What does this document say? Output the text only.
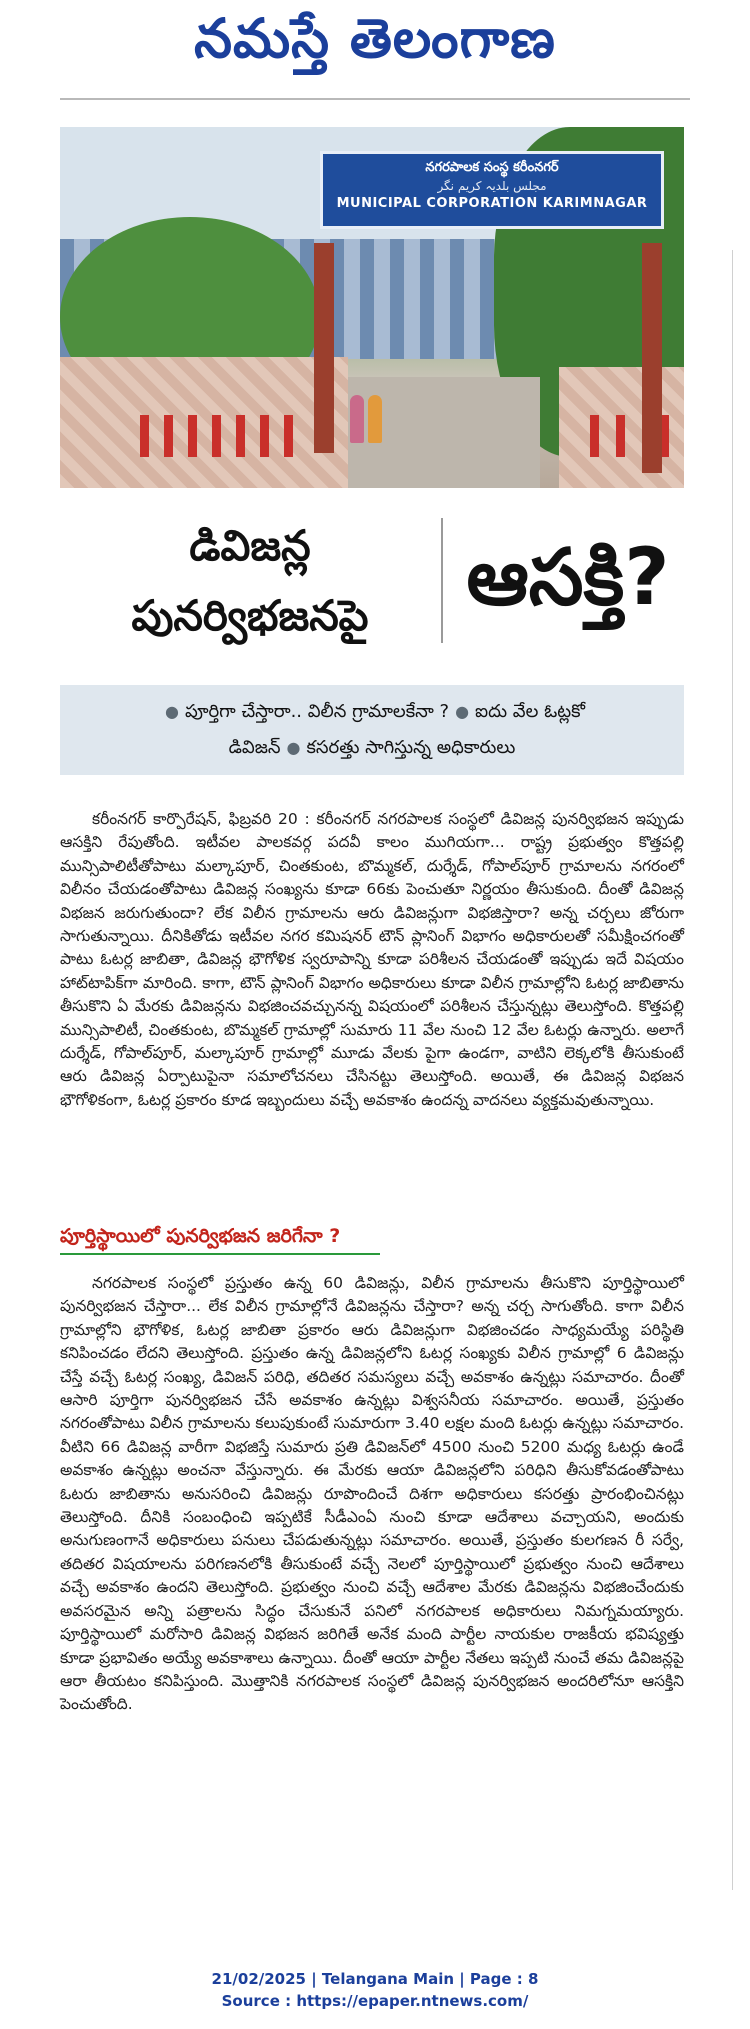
నమస్తే తెలంగాణ
నగరపాలక సంస్థ కరీంనగర్
مجلس بلدیہ کریم نگر
MUNICIPAL CORPORATION KARIMNAGAR
డివిజన్ల
పునర్విభజనపై	ఆసక్తి?
● పూర్తిగా చేస్తారా.. విలీన గ్రామాలకేనా ? ● ఐదు వేల ఓట్లకో
డివిజన్ ● కసరత్తు సాగిస్తున్న అధికారులు

కరీంనగర్ కార్పొరేషన్, ఫిబ్రవరి 20 : కరీంనగర్ నగరపాలక సంస్థలో డివిజన్ల పునర్విభజన ఇప్పుడు ఆసక్తిని రేపుతోంది. ఇటీవల పాలకవర్గ పదవీ కాలం ముగియగా... రాష్ట్ర ప్రభుత్వం కొత్తపల్లి మున్సిపాలిటీతోపాటు మల్కాపూర్, చింతకుంట, బొమ్మకల్, దుర్శేడ్, గోపాల్‌పూర్ గ్రామాలను నగరంలో విలీనం చేయడంతోపాటు డివిజన్ల సంఖ్యను కూడా 66కు పెంచుతూ నిర్ణయం తీసుకుంది. దీంతో డివిజన్ల విభజన జరుగుతుందా? లేక విలీన గ్రామాలను ఆరు డివిజన్లుగా విభజిస్తారా? అన్న చర్చలు జోరుగా సాగుతున్నాయి. దీనికితోడు ఇటీవల నగర కమిషనర్ టౌన్ ప్లానింగ్ విభాగం అధికారులతో సమీక్షించగంతో పాటు ఓటర్ల జాబితా, డివిజన్ల భౌగోళిక స్వరూపాన్ని కూడా పరిశీలన చేయడంతో ఇప్పుడు ఇదే విషయం హాట్‌టాపిక్‌గా మారింది. కాగా, టౌన్ ప్లానింగ్ విభాగం అధికారులు కూడా విలీన గ్రామాల్లోని ఓటర్ల జాబితాను తీసుకొని ఏ మేరకు డివిజన్లను విభజించవచ్చునన్న విషయంలో పరిశీలన చేస్తున్నట్లు తెలుస్తోంది. కొత్తపల్లి మున్సిపాలిటీ, చింతకుంట, బొమ్మకల్ గ్రామాల్లో సుమారు 11 వేల నుంచి 12 వేల ఓటర్లు ఉన్నారు. అలాగే దుర్శేడ్, గోపాల్‌పూర్, మల్కాపూర్ గ్రామాల్లో మూడు వేలకు పైగా ఉండగా, వాటిని లెక్కలోకి తీసుకుంటే ఆరు డివిజన్ల ఏర్పాటుపైనా సమాలోచనలు చేసినట్టు తెలుస్తోంది. అయితే, ఈ డివిజన్ల విభజన భౌగోళికంగా, ఓటర్ల ప్రకారం కూడ ఇబ్బందులు వచ్చే అవకాశం ఉందన్న వాదనలు వ్యక్తమవుతున్నాయి.

పూర్తిస్థాయిలో పునర్విభజన జరిగేనా ?

నగరపాలక సంస్థలో ప్రస్తుతం ఉన్న 60 డివిజన్లు, విలీన గ్రామాలను తీసుకొని పూర్తిస్థాయిలో పునర్విభజన చేస్తారా... లేక విలీన గ్రామాల్లోనే డివిజన్లను చేస్తారా? అన్న చర్చ సాగుతోంది. కాగా విలీన గ్రామాల్లోని భౌగోళిక, ఓటర్ల జాబితా ప్రకారం ఆరు డివిజన్లుగా విభజించడం సాధ్యమయ్యే పరిస్థితి కనిపించడం లేదని తెలుస్తోంది. ప్రస్తుతం ఉన్న డివిజన్లలోని ఓటర్ల సంఖ్యకు విలీన గ్రామాల్లో 6 డివిజన్లు చేస్తే వచ్చే ఓటర్ల సంఖ్య, డివిజన్ పరిధి, తదితర సమస్యలు వచ్చే అవకాశం ఉన్నట్లు సమాచారం. దీంతో ఆసారి పూర్తిగా పునర్విభజన చేసే అవకాశం ఉన్నట్లు విశ్వసనీయ సమాచారం. అయితే, ప్రస్తుతం నగరంతోపాటు విలీన గ్రామాలను కలుపుకుంటే సుమారుగా 3.40 లక్షల మంది ఓటర్లు ఉన్నట్లు సమాచారం. వీటిని 66 డివిజన్ల వారీగా విభజిస్తే సుమారు ప్రతి డివిజన్‌లో 4500 నుంచి 5200 మధ్య ఓటర్లు ఉండే అవకాశం ఉన్నట్లు అంచనా వేస్తున్నారు. ఈ మేరకు ఆయా డివిజన్లలోని పరిధిని తీసుకోవడంతోపాటు ఓటరు జాబితాను అనుసరించి డివిజన్లు రూపొందించే దిశగా అధికారులు కసరత్తు ప్రారంభించినట్లు తెలుస్తోంది. దీనికి సంబంధించి ఇప్పటికే సీడీఎంఏ నుంచి కూడా ఆదేశాలు వచ్చాయని, అందుకు అనుగుణంగానే అధికారులు పనులు చేపడుతున్నట్లు సమాచారం. అయితే, ప్రస్తుతం కులగణన రీ సర్వే, తదితర విషయాలను పరిగణనలోకి తీసుకుంటే వచ్చే నెలలో పూర్తిస్థాయిలో ప్రభుత్వం నుంచి ఆదేశాలు వచ్చే అవకాశం ఉందని తెలుస్తోంది. ప్రభుత్వం నుంచి వచ్చే ఆదేశాల మేరకు డివిజన్లను విభజించేందుకు అవసరమైన అన్ని పత్రాలను సిద్ధం చేసుకునే పనిలో నగరపాలక అధికారులు నిమగ్నమయ్యారు. పూర్తిస్థాయిలో మరోసారి డివిజన్ల విభజన జరిగితే అనేక మంది పార్టీల నాయకుల రాజకీయ భవిష్యత్తు కూడా ప్రభావితం అయ్యే అవకాశాలు ఉన్నాయి. దీంతో ఆయా పార్టీల నేతలు ఇప్పటి నుంచే తమ డివిజన్లపై ఆరా తీయటం కనిపిస్తుంది. మొత్తానికి నగరపాలక సంస్థలో డివిజన్ల పునర్విభజన అందరిలోనూ ఆసక్తిని పెంచుతోంది.

21/02/2025 | Telangana Main | Page : 8
Source : https://epaper.ntnews.com/
